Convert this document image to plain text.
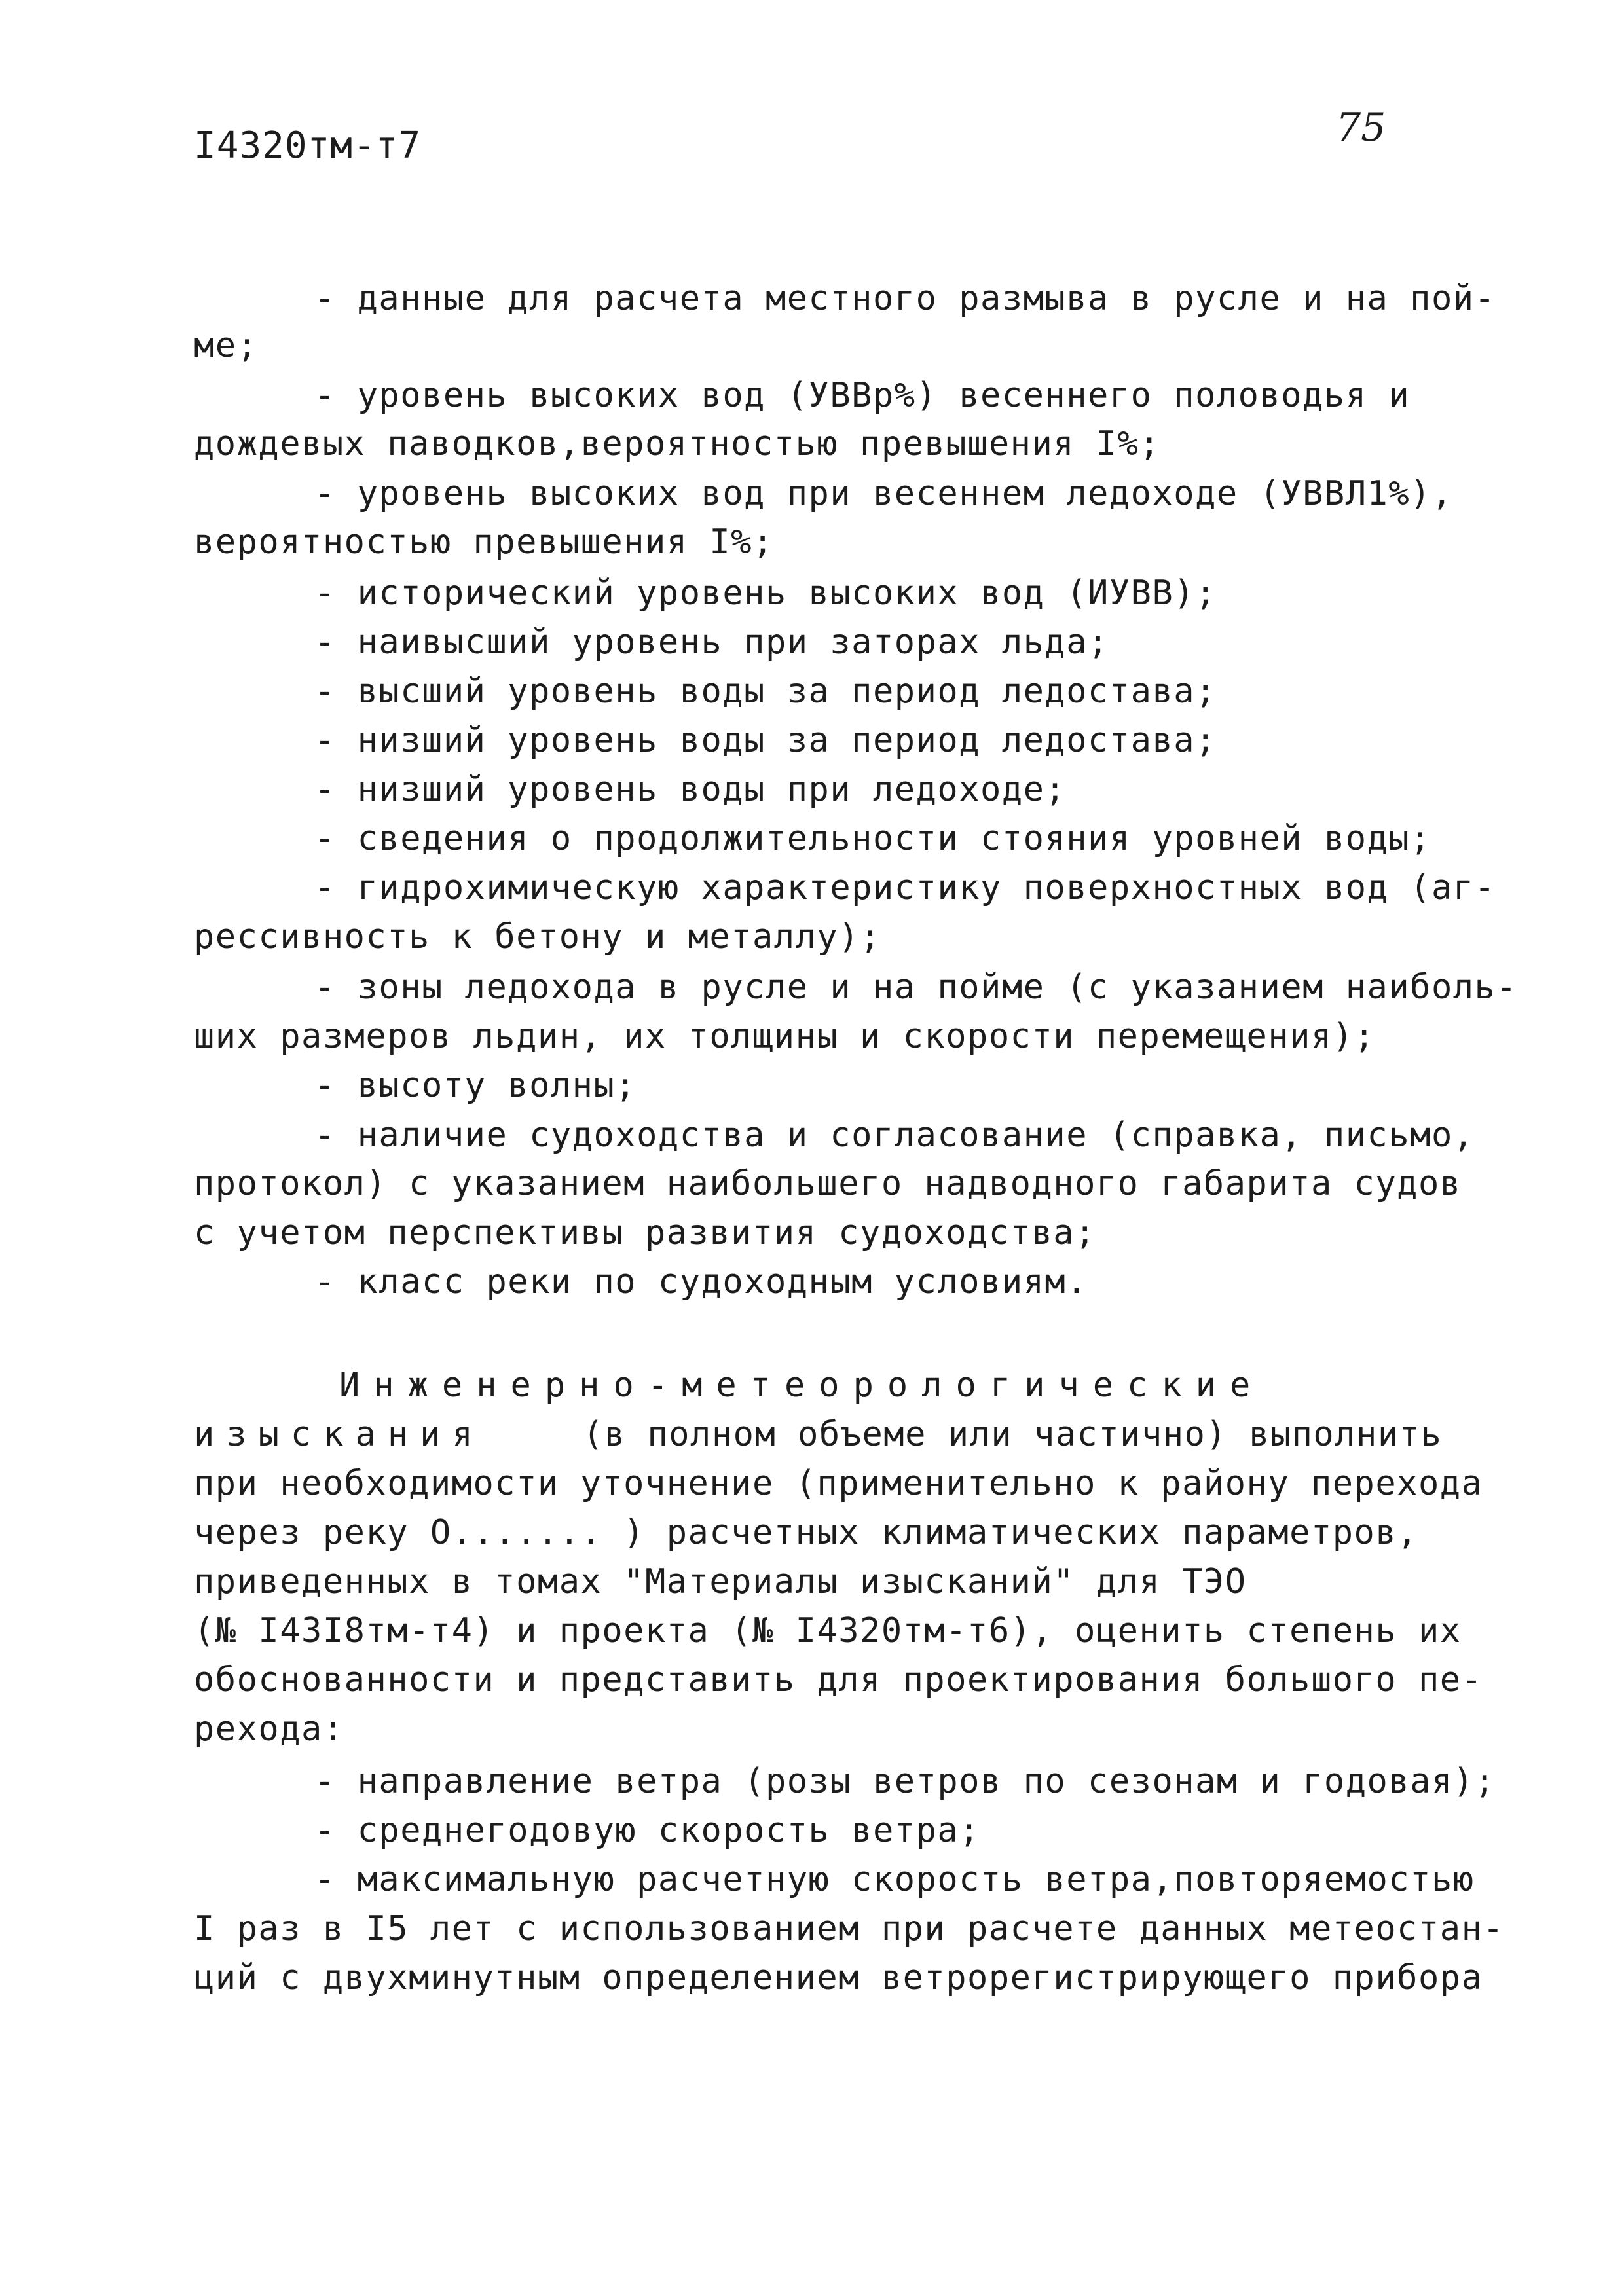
I4320тм-т7	75
- данные для расчета местного размыва в русле и на пой-
ме;
- уровень высоких вод (УВВр%) весеннего половодья и
дождевых паводков,вероятностью превышения I%;
- уровень высоких вод при весеннем ледоходе (УВВЛ1%),
вероятностью превышения I%;
- исторический уровень высоких вод (ИУВВ);
- наивысший уровень при заторах льда;
- высший уровень воды за период ледостава;
- низший уровень воды за период ледостава;
- низший уровень воды при ледоходе;
- сведения о продолжительности стояния уровней воды;
- гидрохимическую характеристику поверхностных вод (аг-
рессивность к бетону и металлу);
- зоны ледохода в русле и на пойме (с указанием наиболь-
ших размеров льдин, их толщины и скорости перемещения);
- высоту волны;
- наличие судоходства и согласование (справка, письмо,
протокол) с указанием наибольшего надводного габарита судов
с учетом перспективы развития судоходства;
- класс реки по судоходным условиям.
Инженерно-метеорологические
изыскания	(в полном объеме или частично) выполнить
при необходимости уточнение (применительно к району перехода
через реку О....... ) расчетных климатических параметров,
приведенных в томах "Материалы изысканий" для ТЭО
(№ I43I8тм-т4) и проекта (№ I4320тм-т6), оценить степень их
обоснованности и представить для проектирования большого пе-
рехода:
- направление ветра (розы ветров по сезонам и годовая);
- среднегодовую скорость ветра;
- максимальную расчетную скорость ветра,повторяемостью
I раз в I5 лет с использованием при расчете данных метеостан-
ций с двухминутным определением ветрорегистрирующего прибора
